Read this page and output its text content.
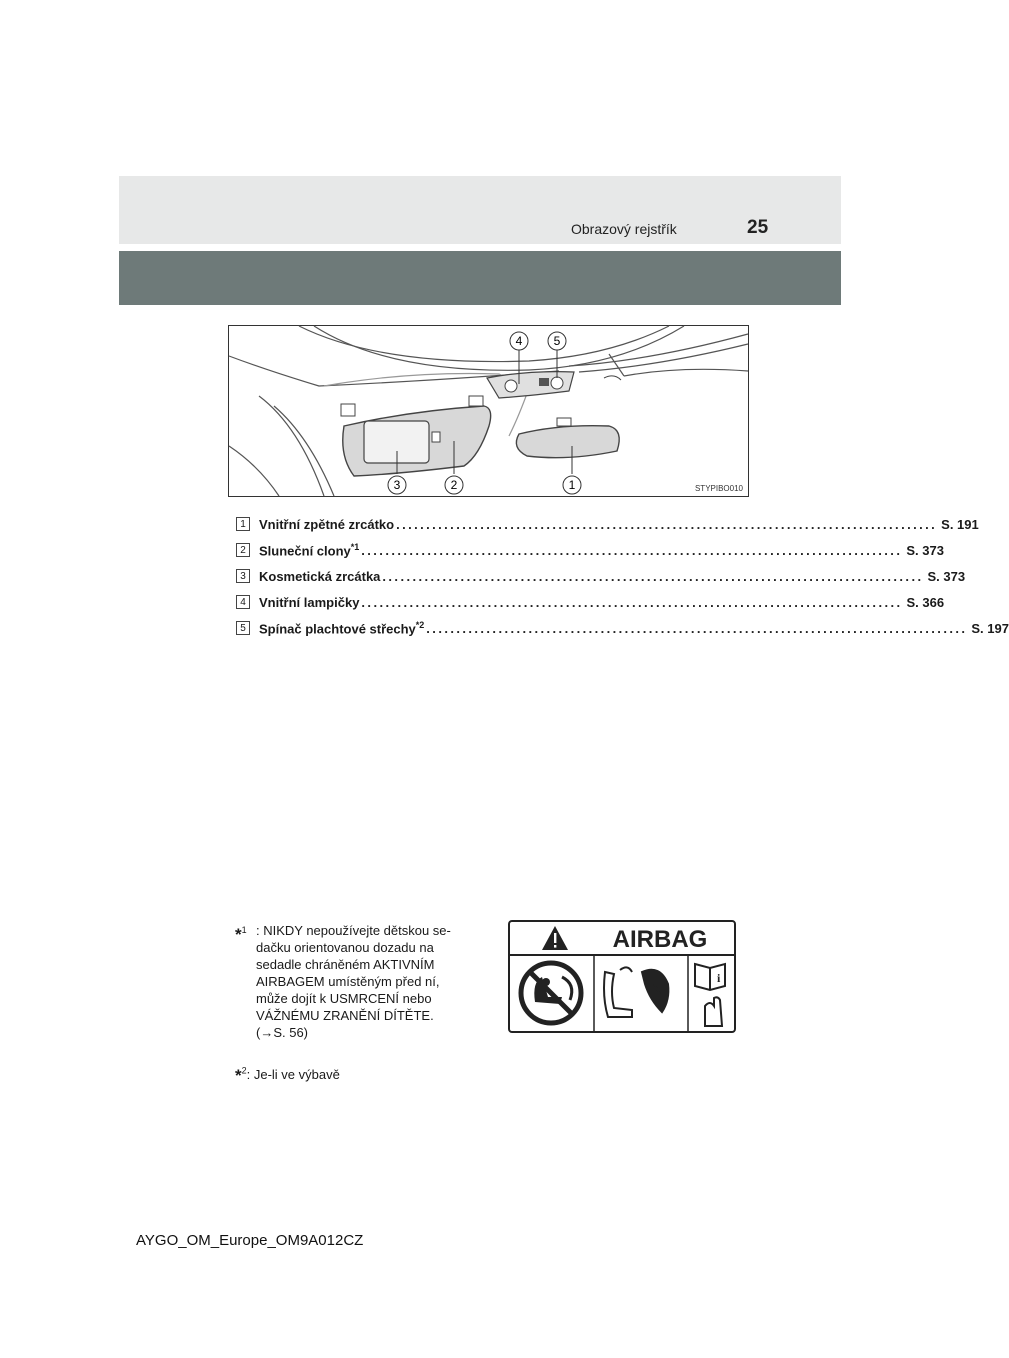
Obrazový rejstřík	25
3	2	1
4	5
STYPIBO010
1	Vnitřní zpětné zrcátko .......................................................................................... S. 191
2	Sluneční clony$^{*1}$ .......................................................................................... S. 373
3	Kosmetická zrcátka .......................................................................................... S. 373
4	Vnitřní lampičky .......................................................................................... S. 366
5	Spínač plachtové střechy$^{*2}$ .......................................................................................... S. 197
*$^1$ : NIKDY nepoužívejte dětskou se-
dačku orientovanou dozadu na
sedadle chráněném AKTIVNÍM
AIRBAGEM umístěným před ní,
může dojít k USMRCENÍ nebo
VÁŽNÉMU ZRANĚNÍ DÍTĚTE.
(→S. 56)
*$^2$: Je-li ve výbavě
AIRBAG
i
AYGO_OM_Europe_OM9A012CZ
